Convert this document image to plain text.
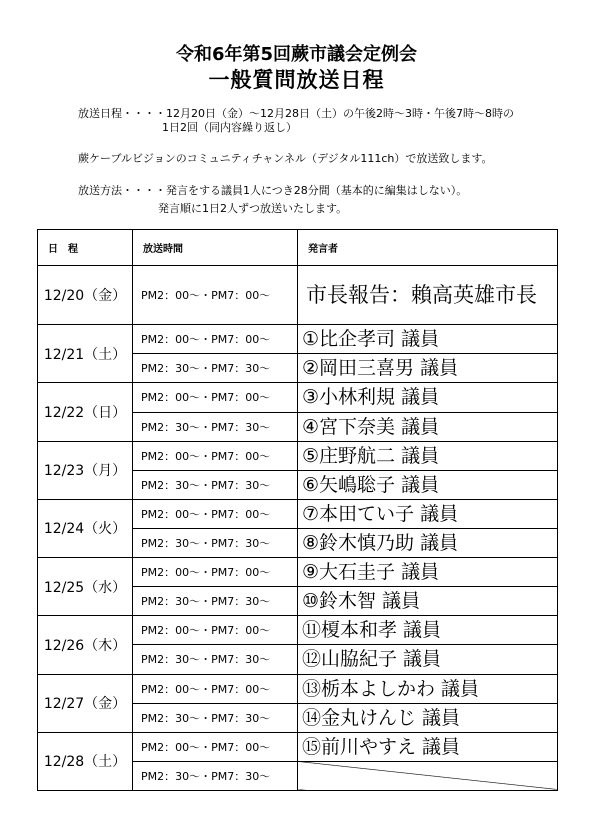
令和6年第5回蕨市議会定例会
一般質問放送日程
放送日程・・・・12月20日（金）～12月28日（土）の午後2時～3時・午後7時～8時の
1日2回（同内容繰り返し）
蕨ケーブルビジョンのコミュニティチャンネル（デジタル111ch）で放送致します。
放送方法・・・・発言をする議員1人につき28分間（基本的に編集はしない）。
発言順に1日2人ずつ放送いたします。
日　程	放送時間	発言者
12/20（金）	PM2：00～・PM7：00～	市長報告：賴高英雄市長
12/21（土）	PM2：00～・PM7：00～	①比企孝司 議員
	PM2：30～・PM7：30～	②岡田三喜男 議員
12/22（日）	PM2：00～・PM7：00～	③小林利規 議員
	PM2：30～・PM7：30～	④宮下奈美 議員
12/23（月）	PM2：00～・PM7：00～	⑤庄野航二 議員
	PM2：30～・PM7：30～	⑥矢嶋聡子 議員
12/24（火）	PM2：00～・PM7：00～	⑦本田てい子 議員
	PM2：30～・PM7：30～	⑧鈴木慎乃助 議員
12/25（水）	PM2：00～・PM7：00～	⑨大石圭子 議員
	PM2：30～・PM7：30～	⑩鈴木智 議員
12/26（木）	PM2：00～・PM7：00～	⑪榎本和孝 議員
	PM2：30～・PM7：30～	⑫山脇紀子 議員
12/27（金）	PM2：00～・PM7：00～	⑬栃本よしかわ 議員
	PM2：30～・PM7：30～	⑭金丸けんじ 議員
12/28（土）	PM2：00～・PM7：00～	⑮前川やすえ 議員
	PM2：30～・PM7：30～	
